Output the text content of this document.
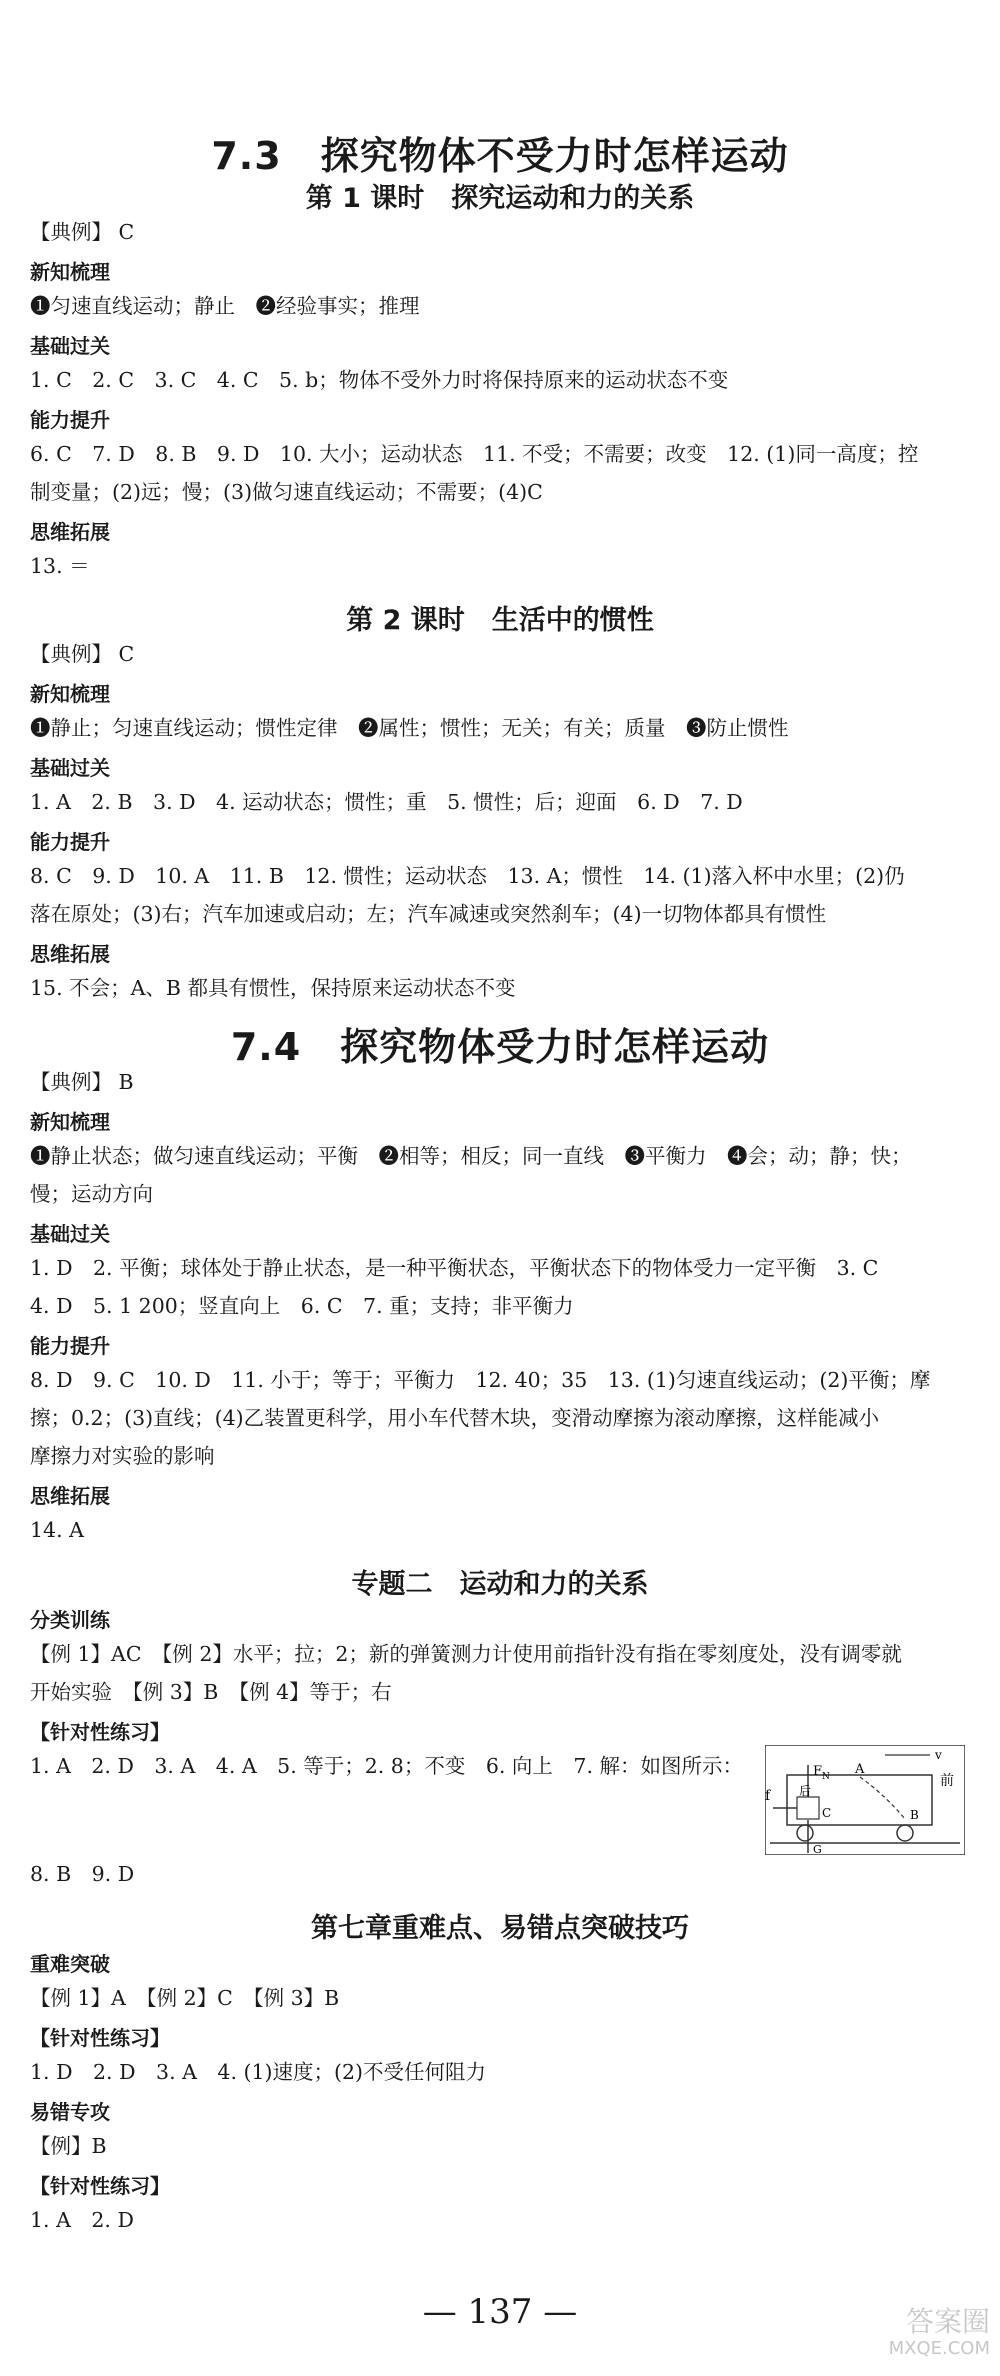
7.3　探究物体不受力时怎样运动
第 1 课时　探究运动和力的关系
【典例】 C
新知梳理
❶匀速直线运动；静止　❷经验事实；推理
基础过关
1. C　2. C　3. C　4. C　5. b；物体不受外力时将保持原来的运动状态不变
能力提升
6. C　7. D　8. B　9. D　10. 大小；运动状态　11. 不受；不需要；改变　12. (1)同一高度；控
制变量；(2)远；慢；(3)做匀速直线运动；不需要；(4)C
思维拓展
13. ＝
第 2 课时　生活中的惯性
【典例】 C
新知梳理
❶静止；匀速直线运动；惯性定律　❷属性；惯性；无关；有关；质量　❸防止惯性
基础过关
1. A　2. B　3. D　4. 运动状态；惯性；重　5. 惯性；后；迎面　6. D　7. D
能力提升
8. C　9. D　10. A　11. B　12. 惯性；运动状态　13. A；惯性　14. (1)落入杯中水里；(2)仍
落在原处；(3)右；汽车加速或启动；左；汽车减速或突然刹车；(4)一切物体都具有惯性
思维拓展
15. 不会；A、B 都具有惯性，保持原来运动状态不变
7.4　探究物体受力时怎样运动
【典例】 B
新知梳理
❶静止状态；做匀速直线运动；平衡　❷相等；相反；同一直线　❸平衡力　❹会；动；静；快；
慢；运动方向
基础过关
1. D　2. 平衡；球体处于静止状态，是一种平衡状态，平衡状态下的物体受力一定平衡　3. C
4. D　5. 1 200；竖直向上　6. C　7. 重；支持；非平衡力
能力提升
8. D　9. C　10. D　11. 小于；等于；平衡力　12. 40；35　13. (1)匀速直线运动；(2)平衡；摩
擦；0.2；(3)直线；(4)乙装置更科学，用小车代替木块，变滑动摩擦为滚动摩擦，这样能减小
摩擦力对实验的影响
思维拓展
14. A
专题二　运动和力的关系
分类训练
【例 1】AC　【例 2】水平；拉；2；新的弹簧测力计使用前指针没有指在零刻度处，没有调零就
开始实验　【例 3】B　【例 4】等于；右
【针对性练习】
1. A　2. D　3. A　4. A　5. 等于；2. 8；不变　6. 向上　7. 解：如图所示：
8. B　9. D
第七章重难点、易错点突破技巧
重难突破
【例 1】A　【例 2】C　【例 3】B
【针对性练习】
1. D　2. D　3. A　4. (1)速度；(2)不受任何阻力
易错专攻
【例】B
【针对性练习】
1. A　2. D
f
F N A
v
前
后
C	B
G
— 137 —	答案圈
MXQE.COM
